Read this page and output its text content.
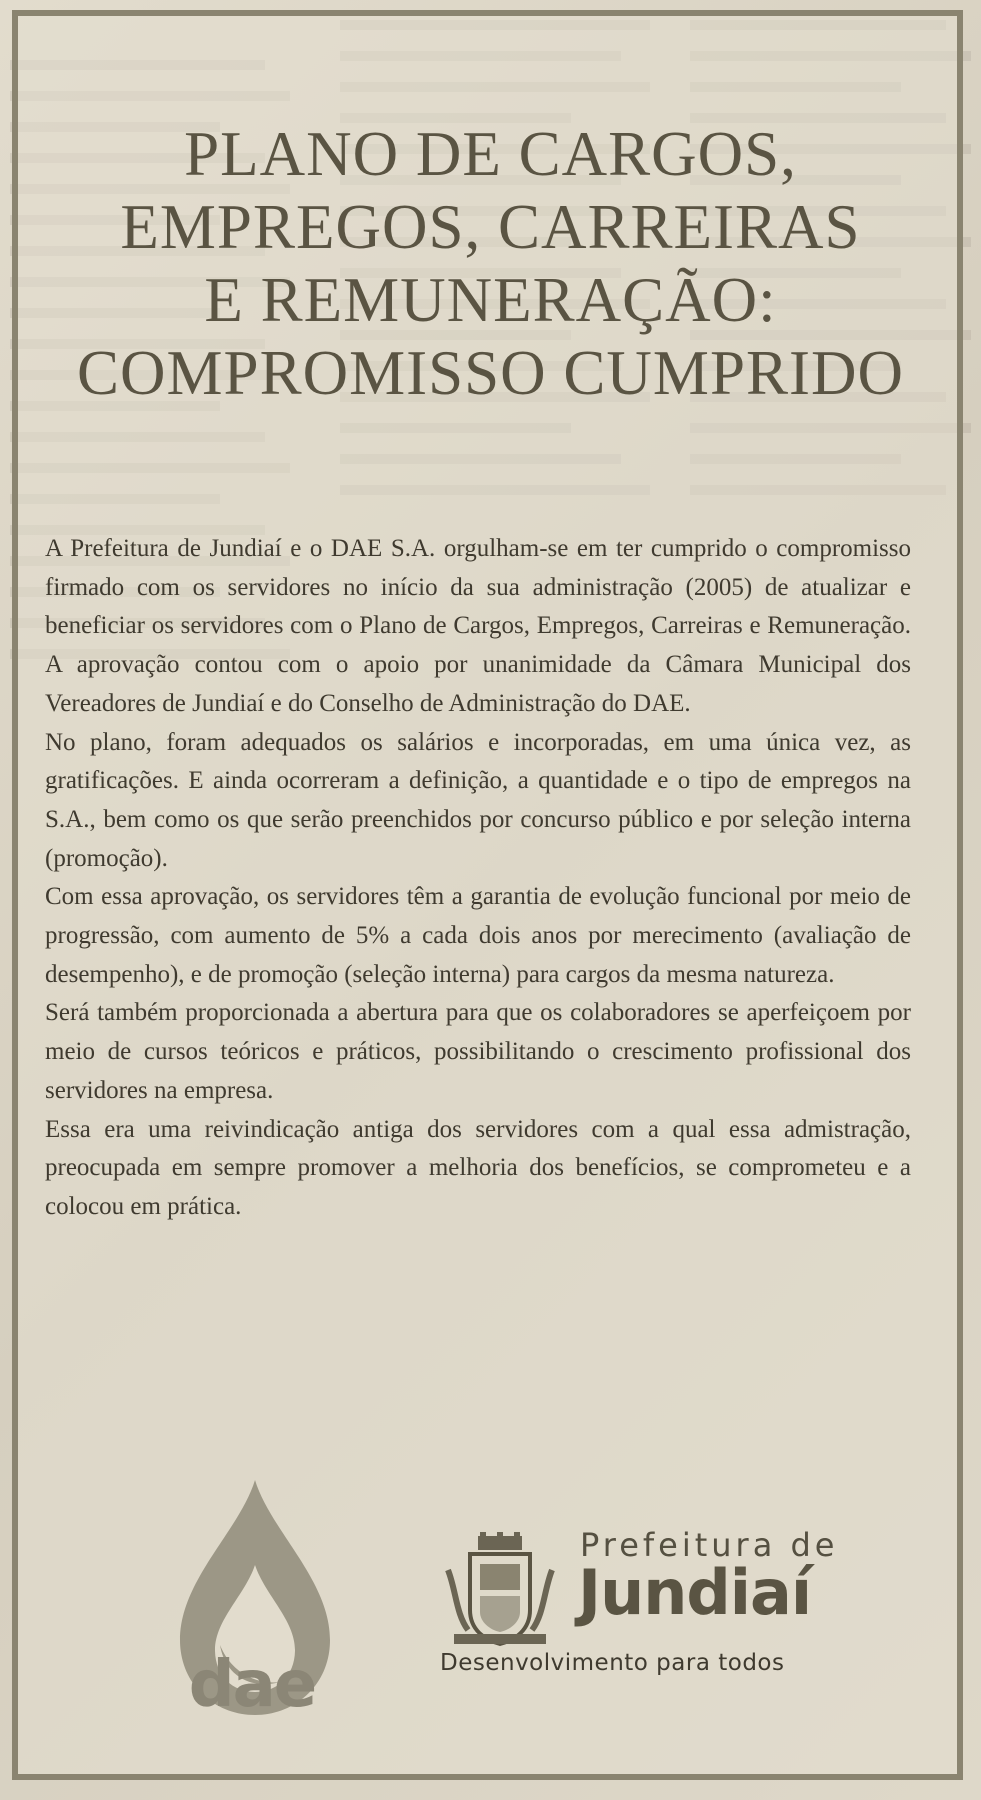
PLANO DE CARGOS,
EMPREGOS, CARREIRAS
E REMUNERAÇÃO:
COMPROMISSO CUMPRIDO

A Prefeitura de Jundiaí e o DAE S.A. orgulham-se em ter cumprido o compromisso firmado com os servidores no início da sua administração (2005) de atualizar e beneficiar os servidores com o Plano de Cargos, Empregos, Carreiras e Remuneração. A aprovação contou com o apoio por unanimidade da Câmara Municipal dos Vereadores de Jundiaí e do Conselho de Administração do DAE.

No plano, foram adequados os salários e incorporadas, em uma única vez, as gratificações. E ainda ocorreram a definição, a quantidade e o tipo de empregos na S.A., bem como os que serão preenchidos por concurso público e por seleção interna (promoção).

Com essa aprovação, os servidores têm a garantia de evolução funcional por meio de progressão, com aumento de 5% a cada dois anos por merecimento (avaliação de desempenho), e de promoção (seleção interna) para cargos da mesma natureza.

Será também proporcionada a abertura para que os colaboradores se aperfeiçoem por meio de cursos teóricos e práticos, possibilitando o crescimento profissional dos servidores na empresa.

Essa era uma reivindicação antiga dos servidores com a qual essa admistração, preocupada em sempre promover a melhoria dos benefícios, se comprometeu e a colocou em prática.

dae
Prefeitura de
Jundiaí
Desenvolvimento para todos
